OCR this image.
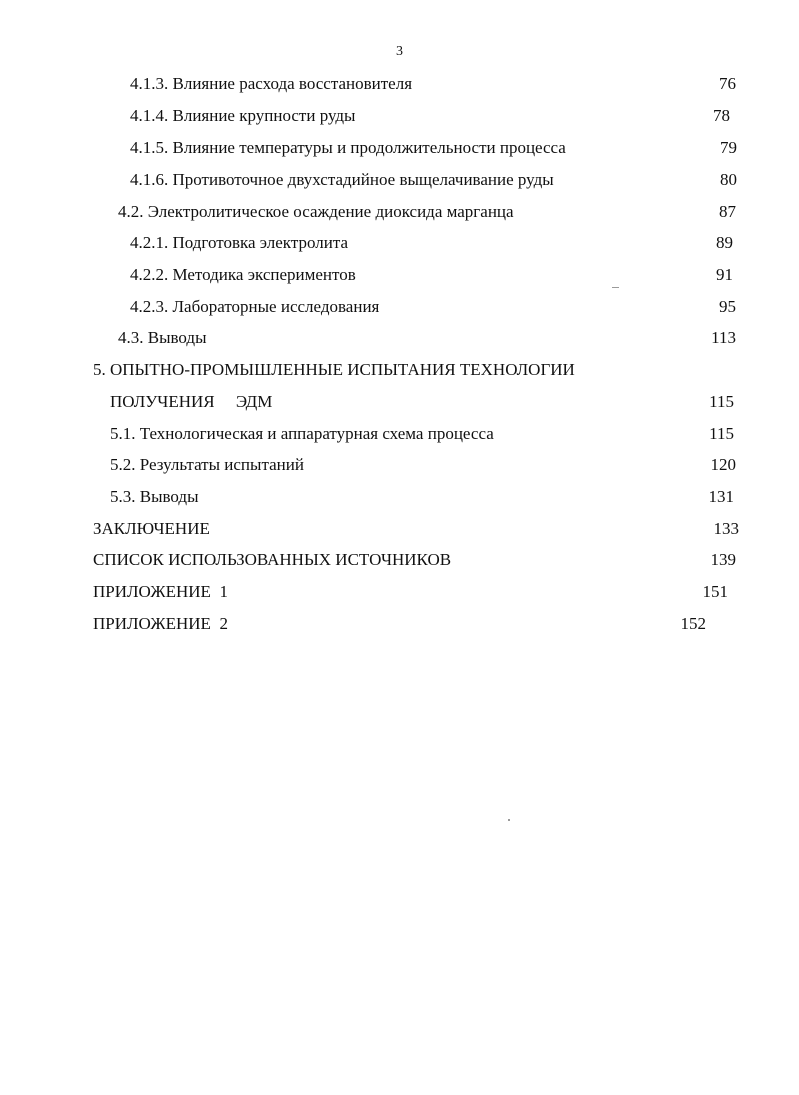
3
4.1.3. Влияние расхода восстановителя	76
4.1.4. Влияние крупности руды	78
4.1.5. Влияние температуры и продолжительности процесса	79
4.1.6. Противоточное двухстадийное выщелачивание руды	80
4.2. Электролитическое осаждение диоксида марганца	87
4.2.1. Подготовка электролита	89
4.2.2. Методика экспериментов	91
4.2.3. Лабораторные исследования	95
4.3. Выводы	113
5. ОПЫТНО-ПРОМЫШЛЕННЫЕ ИСПЫТАНИЯ ТЕХНОЛОГИИ
ПОЛУЧЕНИЯ     ЭДМ	115
5.1. Технологическая и аппаратурная схема процесса	115
5.2. Результаты испытаний	120
5.3. Выводы	131
ЗАКЛЮЧЕНИЕ	133
СПИСОК ИСПОЛЬЗОВАННЫХ ИСТОЧНИКОВ	139
ПРИЛОЖЕНИЕ  1	151
ПРИЛОЖЕНИЕ  2	152
